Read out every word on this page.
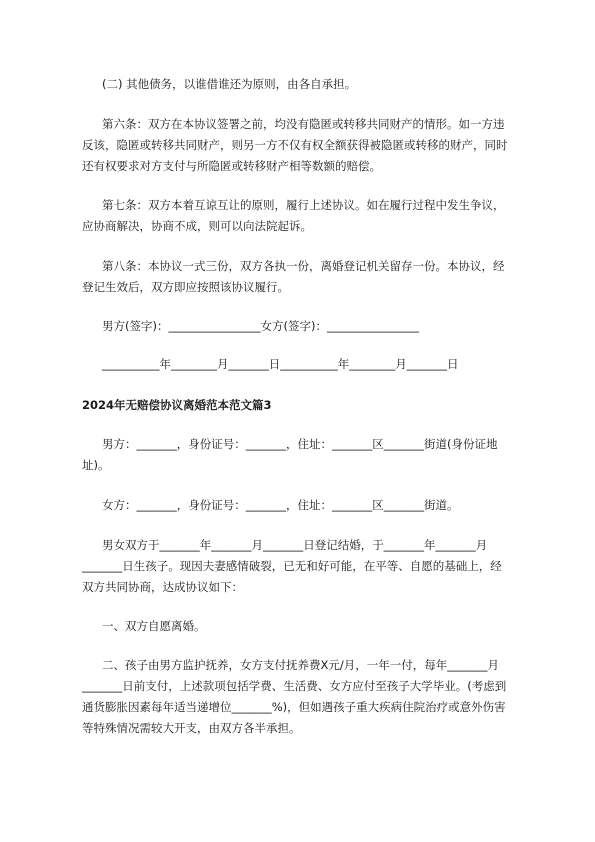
(二) 其他债务，以谁借谁还为原则，由各自承担。
第六条：双方在本协议签署之前，均没有隐匿或转移共同财产的情形。如一方违
反该，隐匿或转移共同财产，则另一方不仅有权全额获得被隐匿或转移的财产，同时
还有权要求对方支付与所隐匿或转移财产相等数额的赔偿。
第七条：双方本着互谅互让的原则，履行上述协议。如在履行过程中发生争议，
应协商解决，协商不成，则可以向法院起诉。
第八条：本协议一式三份，双方各执一份，离婚登记机关留存一份。本协议，经
登记生效后，双方即应按照该协议履行。
男方(签字)：________________女方(签字)：________________
__________年________月_______日__________年________月_______日
2024年无赔偿协议离婚范本范文篇3
男方：_______，身份证号：_______，住址：_______区_______街道(身份证地
址)。
女方：_______，身份证号：_______，住址：_______区_______街道。
男女双方于_______年_______月_______日登记结婚，于_______年_______月
_______日生孩子。现因夫妻感情破裂，已无和好可能，在平等、自愿的基础上，经
双方共同协商，达成协议如下：
一、双方自愿离婚。
二、孩子由男方监护抚养，女方支付抚养费X元/月，一年一付，每年_______月
_______日前支付，上述款项包括学费、生活费、女方应付至孩子大学毕业。(考虑到
通货膨胀因素每年适当递增位_______%)，但如遇孩子重大疾病住院治疗或意外伤害
等特殊情况需较大开支，由双方各半承担。
